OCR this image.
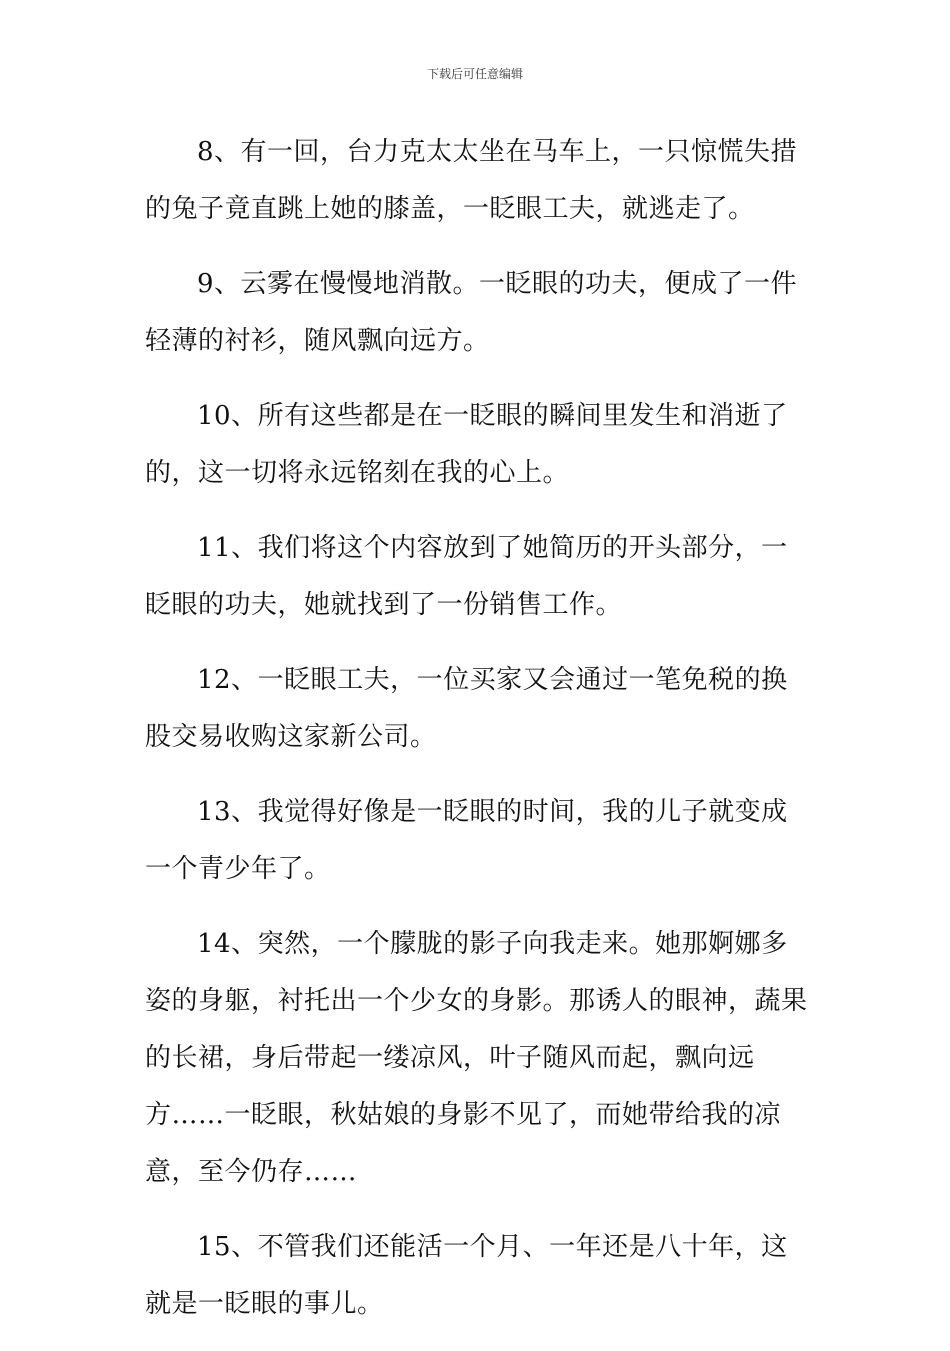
下载后可任意编辑

8、有一回，台力克太太坐在马车上，一只惊慌失措的兔子竟直跳上她的膝盖，一眨眼工夫，就逃走了。

9、云雾在慢慢地消散。一眨眼的功夫，便成了一件轻薄的衬衫，随风飘向远方。

10、所有这些都是在一眨眼的瞬间里发生和消逝了的，这一切将永远铭刻在我的心上。

11、我们将这个内容放到了她简历的开头部分，一眨眼的功夫，她就找到了一份销售工作。

12、一眨眼工夫，一位买家又会通过一笔免税的换股交易收购这家新公司。

13、我觉得好像是一眨眼的时间，我的儿子就变成一个青少年了。

14、突然，一个朦胧的影子向我走来。她那婀娜多姿的身躯，衬托出一个少女的身影。那诱人的眼神，蔬果的长裙，身后带起一缕凉风，叶子随风而起，飘向远方……一眨眼，秋姑娘的身影不见了，而她带给我的凉意，至今仍存……

15、不管我们还能活一个月、一年还是八十年，这就是一眨眼的事儿。
